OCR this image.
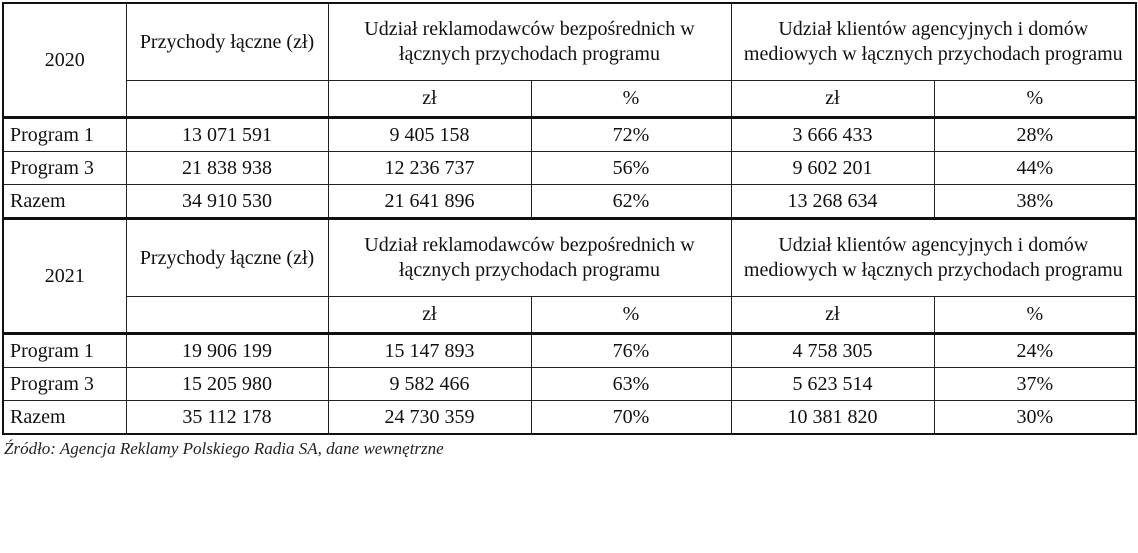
2020	Przychody łączne (zł)	Udział reklamodawców bezpośrednich w łącznych przychodach programu		Udział klientów agencyjnych i domów mediowych w łącznych przychodach programu	
		zł	%	zł	%
Program 1	13 071 591	9 405 158	72%	3 666 433	28%
Program 3	21 838 938	12 236 737	56%	9 602 201	44%
Razem	34 910 530	21 641 896	62%	13 268 634	38%
2021	Przychody łączne (zł)	Udział reklamodawców bezpośrednich w łącznych przychodach programu		Udział klientów agencyjnych i domów mediowych w łącznych przychodach programu	
		zł	%	zł	%
Program 1	19 906 199	15 147 893	76%	4 758 305	24%
Program 3	15 205 980	9 582 466	63%	5 623 514	37%
Razem	35 112 178	24 730 359	70%	10 381 820	30%
Źródło: Agencja Reklamy Polskiego Radia SA, dane wewnętrzne
